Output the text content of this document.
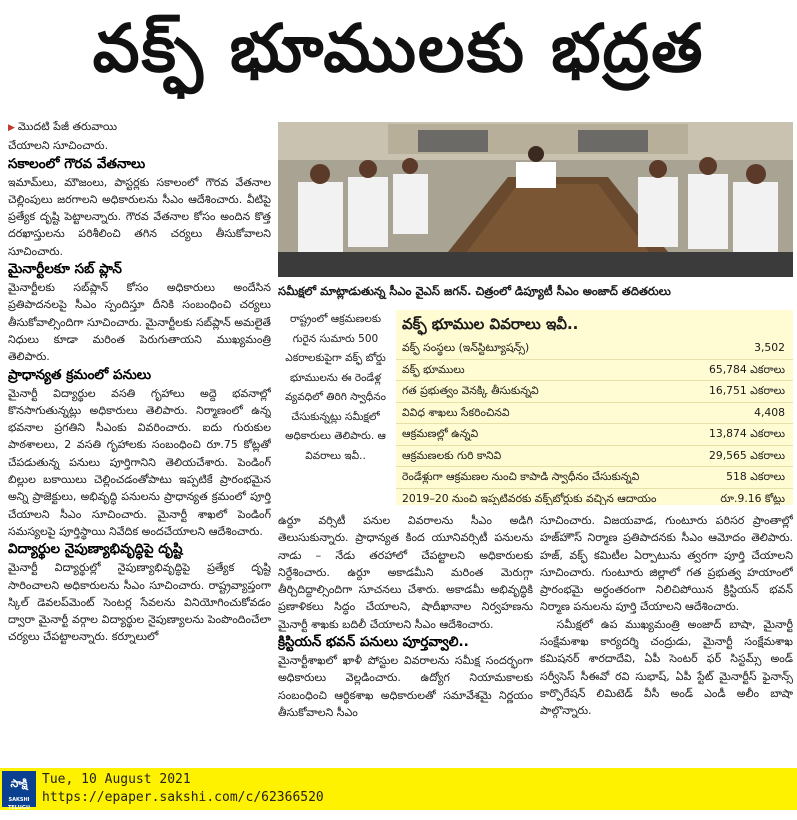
వక్ఫ్ భూములకు భద్రత

▶ మొదటి పేజీ తరువాయి

చేయాలని సూచించారు.

సకాలంలో గౌరవ వేతనాలు

ఇమామ్‌లు, మౌజంలు, పాస్టర్లకు సకాలంలో గౌరవ వేతనాల చెల్లింపులు జరగాలని అధికారులను సీఎం ఆదేశించారు. వీటిపై ప్రత్యేక దృష్టి పెట్టాలన్నారు. గౌరవ వేతనాల కోసం అందిన కొత్త దరఖాస్తులను పరిశీలించి తగిన చర్యలు తీసుకోవాలని సూచించారు.

మైనార్టీలకూ సబ్ ప్లాన్

మైనార్టీలకు సబ్‌ప్లాన్ కోసం అధికారులు అందేసిన ప్రతిపాదనలపై సీఎం స్పందిస్తూ దీనికి సంబంధించి చర్యలు తీసుకోవాల్సిందిగా సూచించారు. మైనార్టీలకు సబ్‌ప్లాన్ అమలైతే నిధులు కూడా మరింత పెరుగుతాయని ముఖ్యమంత్రి తెలిపారు.

ప్రాధాన్యత క్రమంలో పనులు

మైనార్టీ విద్యార్థుల వసతి గృహాలు అద్దె భవనాల్లో కొనసాగుతున్నట్లు అధికారులు తెలిపారు. నిర్మాణంలో ఉన్న భవనాల ప్రగతిని సీఎంకు వివరించారు. ఐదు గురుకుల పాఠశాలలు, 2 వసతి గృహాలకు సంబంధించి రూ.75 కోట్లతో చేపడుతున్న పనులు పూర్తిగానిని తెలియచేశారు. పెండింగ్ బిల్లుల బకాయిలు చెల్లించడంతోపాటు ఇప్పటికే ప్రారంభమైన అన్ని ప్రాజెక్టులు, అభివృద్ధి పనులను ప్రాధాన్యత క్రమంలో పూర్తి చేయాలని సీఎం సూచించారు. మైనార్టీ శాఖలో పెండింగ్ సమస్యలపై పూర్తిస్థాయి నివేదిక అందచేయాలని ఆదేశించారు.

విద్యార్థుల నైపుణ్యాభివృద్ధిపై దృష్టి

మైనార్టీ విద్యార్థుల్లో నైపుణ్యాభివృద్ధిపై ప్రత్యేక దృష్టి సారించాలని అధికారులను సీఎం సూచించారు. రాష్ట్రవ్యాప్తంగా స్కిల్ డెవలప్‌మెంట్ సెంటర్ల సేవలను వినియోగించుకోవడం ద్వారా మైనార్టీ వర్గాల విద్యార్థుల నైపుణ్యాలను పెంపొందించేలా చర్యలు చేపట్టాలన్నారు. కర్నూలులో

సమీక్షలో మాట్లాడుతున్న సీఎం వైఎస్ జగన్. చిత్రంలో డిప్యూటీ సీఎం అంజాద్ తదితరులు
రాష్ట్రంలో ఆక్రమణలకు గురైన సుమారు 500 ఎకరాలకుపైగా వక్ఫ్ బోర్డు భూములను ఈ రెండేళ్ల వ్యవధిలో తిరిగి స్వాధీనం చేసుకున్నట్లు సమీక్షలో అధికారులు తెలిపారు. ఆ వివరాలు ఇవీ..
వక్ఫ్ భూముల వివరాలు ఇవీ..
వక్ఫ్ సంస్థలు (ఇన్‌స్టిట్యూషన్స్)	3,502
వక్ఫ్ భూములు	65,784 ఎకరాలు
గత ప్రభుత్వం వెనక్కి తీసుకున్నవి	16,751 ఎకరాలు
వివిధ శాఖలు సేకరించినవి	4,408
ఆక్రమణల్లో ఉన్నవి	13,874 ఎకరాలు
ఆక్రమణలకు గురి కానివి	29,565 ఎకరాలు
రెండేళ్లుగా ఆక్రమణల నుంచి కాపాడి స్వాధీనం చేసుకున్నవి	518 ఎకరాలు
2019–20 నుంచి ఇప్పటివరకు వక్ఫ్‌బోర్డుకు వచ్చిన ఆదాయం	రూ.9.16 కోట్లు

ఉర్దూ వర్సిటీ పనుల వివరాలను సీఎం అడిగి తెలుసుకున్నారు. ప్రాధాన్యత కింద యూనివర్సిటీ పనులను నాడు – నేడు తరహాలో చేపట్టాలని అధికారులకు నిర్దేశించారు. ఉర్దూ అకాడమీని మరింత మెరుగ్గా తీర్చిదిద్దాల్సిందిగా సూచనలు చేశారు. అకాడమీ అభివృద్ధికి ప్రణాళికలు సిద్ధం చేయాలని, షాదీఖానాల నిర్వహణను మైనార్టీ శాఖకు బదిలీ చేయాలని సీఎం ఆదేశించారు.

క్రిస్టియన్ భవన్ పనులు పూర్తవ్వాలి..

మైనార్టీశాఖలో ఖాళీ పోస్టుల వివరాలను సమీక్ష సందర్భంగా అధికారులు వెల్లడించారు. ఉద్యోగ నియామకాలకు సంబంధించి ఆర్థికశాఖ అధికారులతో సమావేశమై నిర్ణయం తీసుకోవాలని సీఎం

సూచించారు. విజయవాడ, గుంటూరు పరిసర ప్రాంతాల్లో హజ్‌హౌస్ నిర్మాణ ప్రతిపాదనకు సీఎం ఆమోదం తెలిపారు. హజ్, వక్ఫ్ కమిటీల ఏర్పాటును త్వరగా పూర్తి చేయాలని సూచించారు. గుంటూరు జిల్లాలో గత ప్రభుత్వ హయాంలో ప్రారంభమై అర్ధంతరంగా నిలిచిపోయిన క్రిస్టియన్ భవన్ నిర్మాణ పనులను పూర్తి చేయాలని ఆదేశించారు.

సమీక్షలో ఉప ముఖ్యమంత్రి అంజాద్ బాషా, మైనార్టీ సంక్షేమశాఖ కార్యదర్శి చంద్రుడు, మైనార్టీ సంక్షేమశాఖ కమిషనర్ శారదాదేవి, ఏపీ సెంటర్ ఫర్ సిస్టమ్స్ అండ్ సర్వీసెస్ సీఈవో రవి సుభాష్, ఏపీ స్టేట్ మైనార్టీస్ ఫైనాన్స్ కార్పొరేషన్ లిమిటెడ్ వీసీ అండ్ ఎండీ అలీం బాషా పాల్గొన్నారు.

సాక్షి
SAKSHI TELUGU DAILY
Tue, 10 August 2021
https://epaper.sakshi.com/c/62366520
